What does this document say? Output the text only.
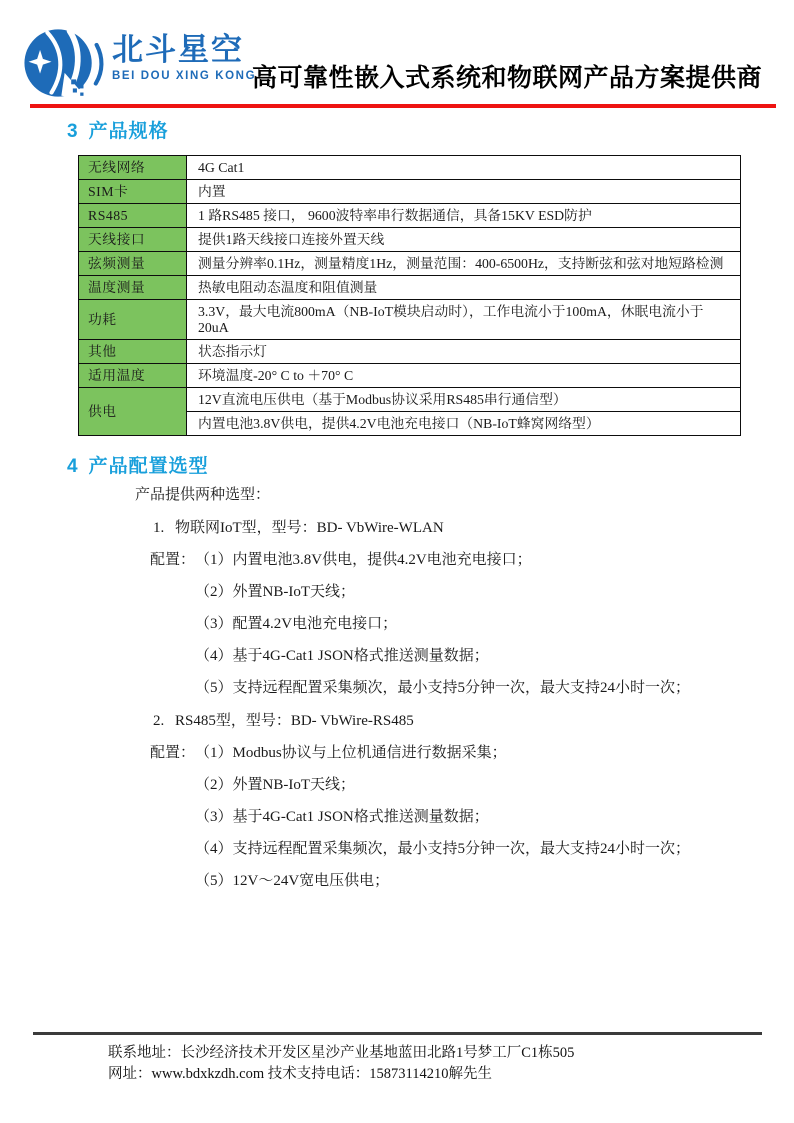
北斗星空
BEI DOU XING KONG
高可靠性嵌入式系统和物联网产品方案提供商
3 产品规格
无线网络	4G Cat1
SIM卡	内置
RS485	1 路RS485 接口， 9600波特率串行数据通信，具备15KV ESD防护
天线接口	提供1路天线接口连接外置天线
弦频测量	测量分辨率0.1Hz，测量精度1Hz，测量范围：400-6500Hz，支持断弦和弦对地短路检测
温度测量	热敏电阻动态温度和阻值测量
功耗	3.3V，最大电流800mA（NB-IoT模块启动时），工作电流小于100mA，休眠电流小于20uA
其他	状态指示灯
适用温度	环境温度-20° C to ＋70° C
供电	12V直流电压供电（基于Modbus协议采用RS485串行通信型）
	内置电池3.8V供电，提供4.2V电池充电接口（NB-IoT蜂窝网络型）
4 产品配置选型
产品提供两种选型：
1. 物联网IoT型，型号：BD- VbWire-WLAN
配置： （1）内置电池3.8V供电，提供4.2V电池充电接口；
（2）外置NB-IoT天线；
（3）配置4.2V电池充电接口；
（4）基于4G-Cat1 JSON格式推送测量数据；
（5）支持远程配置采集频次，最小支持5分钟一次，最大支持24小时一次；
2. RS485型，型号：BD- VbWire-RS485
配置： （1）Modbus协议与上位机通信进行数据采集；
（2）外置NB-IoT天线；
（3）基于4G-Cat1 JSON格式推送测量数据；
（4）支持远程配置采集频次，最小支持5分钟一次，最大支持24小时一次；
（5）12V～24V宽电压供电；
联系地址：长沙经济技术开发区星沙产业基地蓝田北路1号梦工厂C1栋505
网址：www.bdxkzdh.com 技术支持电话：15873114210解先生
